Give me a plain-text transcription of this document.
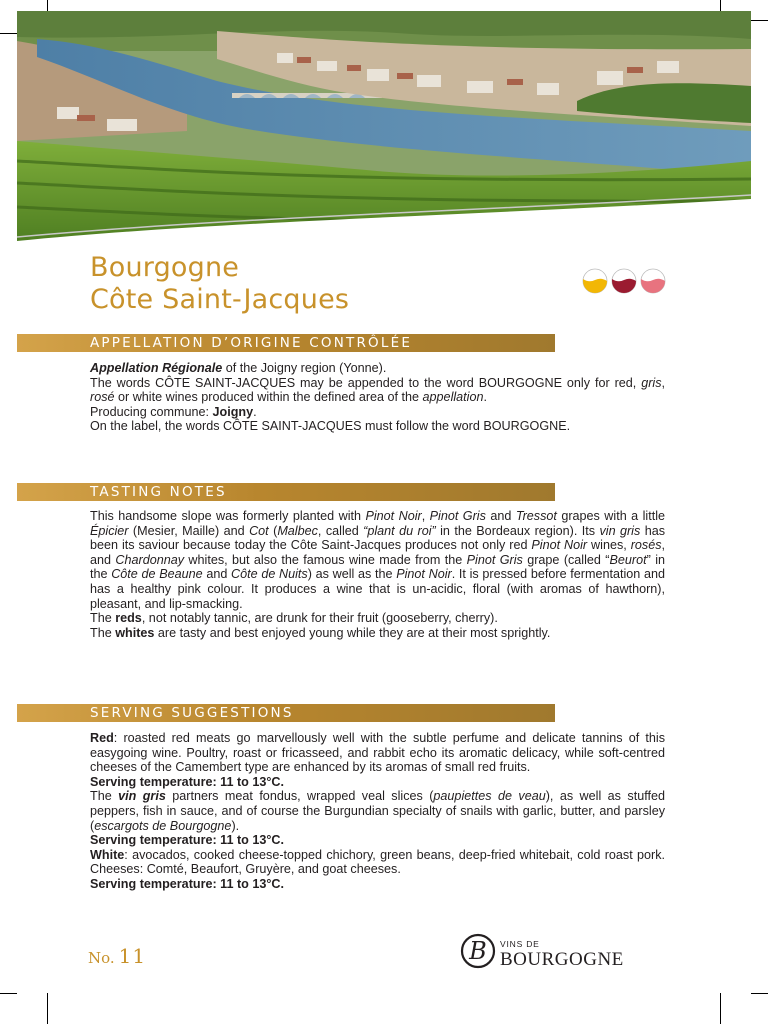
Bourgogne
Côte Saint-Jacques
APPELLATION D’ORIGINE CONTRÔLÉE

Appellation Régionale of the Joigny region (Yonne).

The words CÔTE SAINT-JACQUES may be appended to the word BOURGOGNE only for red, gris, rosé or white wines produced within the defined area of the appellation.

Producing commune: Joigny.

On the label, the words CÔTE SAINT-JACQUES must follow the word BOURGOGNE.

TASTING NOTES

This handsome slope was formerly planted with Pinot Noir, Pinot Gris and Tressot grapes with a little Épicier (Mesier, Maille) and Cot (Malbec, called “plant du roi” in the Bordeaux region). Its vin gris has been its saviour because today the Côte Saint-Jacques produces not only red Pinot Noir wines, rosés, and Chardonnay whites, but also the famous wine made from the Pinot Gris grape (called “Beurot” in the Côte de Beaune and Côte de Nuits) as well as the Pinot Noir. It is pressed before fermentation and has a healthy pink colour. It produces a wine that is un-acidic, floral (with aromas of hawthorn), pleasant, and lip-smacking.

The reds, not notably tannic, are drunk for their fruit (gooseberry, cherry).

The whites are tasty and best enjoyed young while they are at their most sprightly.

SERVING SUGGESTIONS

Red: roasted red meats go marvellously well with the subtle perfume and delicate tannins of this easygoing wine. Poultry, roast or fricasseed, and rabbit echo its aromatic delicacy, while soft-centred cheeses of the Camembert type are enhanced by its aromas of small red fruits.

Serving temperature: 11 to 13°C.

The vin gris partners meat fondus, wrapped veal slices (paupiettes de veau), as well as stuffed peppers, fish in sauce, and of course the Burgundian specialty of snails with garlic, butter, and parsley (escargots de Bourgogne).

Serving temperature: 11 to 13°C.

White: avocados, cooked cheese-topped chichory, green beans, deep-fried whitebait, cold roast pork. Cheeses: Comté, Beaufort, Gruyère, and goat cheeses.

Serving temperature: 11 to 13°C.

No. 11	B VINS DE
BOURGOGNE
